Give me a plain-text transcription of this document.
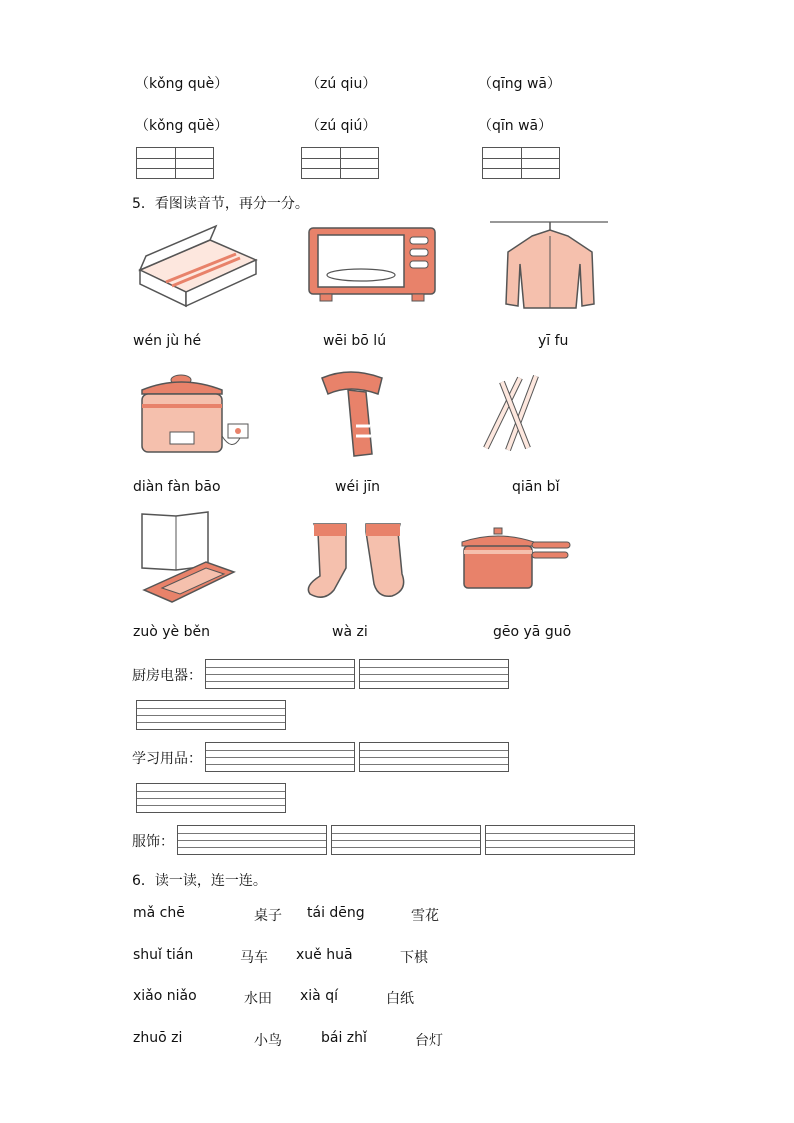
（kǒng què）	（zú qiu）	（qīng wā）
（kǒng qūè）	（zú qiú）	（qīn wā）
5．看图读音节，再分一分。
wén jù hé	wēi bō lú	yī fu
diàn fàn bāo	wéi jīn	qiān bǐ
zuò yè běn	wà zi	gēo yā guō
厨房电器：
学习用品：
服饰：
6．读一读，连一连。
mǎ chē	桌子 tái dēng	雪花
shuǐ tián	马车 xuě huā	下棋
xiǎo niǎo	水田 xià qí	白纸
zhuō zi	小鸟	bái zhǐ	台灯
